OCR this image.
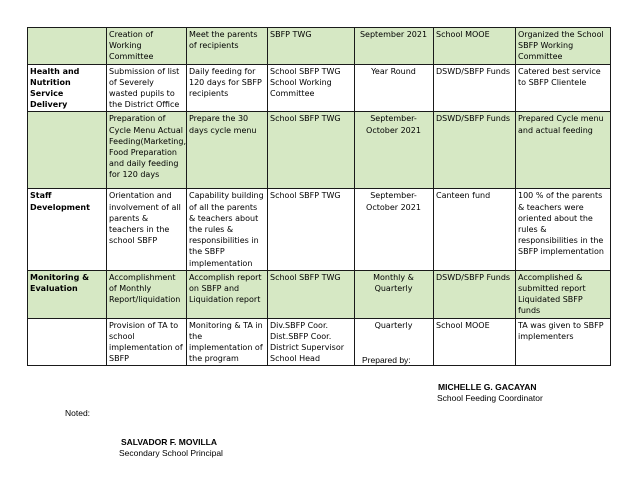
	Creation of Working Committee	Meet the parents of recipients	SBFP TWG	September 2021	School MOOE	Organized the School SBFP Working Committee
Health and Nutrition Service Delivery	Submission of list of Severely wasted pupils to the District Office	Daily feeding for 120 days for SBFP recipients	School SBFP TWG School Working Committee	Year Round	DSWD/SBFP Funds	Catered best service to SBFP Clientele
	Preparation of Cycle Menu Actual Feeding(Marketing, Food Preparation and daily feeding for 120 days	Prepare the 30 days cycle menu	School SBFP TWG	September-October 2021	DSWD/SBFP Funds	Prepared Cycle menu and actual feeding
Staff Development	Orientation and involvement of all parents & teachers in the school SBFP	Capability building of all the parents & teachers about the rules & responsibilities in the SBFP implementation	School SBFP TWG	September-October 2021	Canteen fund	100 % of the parents & teachers were oriented about the rules & responsibilities in the SBFP implementation
Monitoring & Evaluation	Accomplishment of Monthly Report/liquidation	Accomplish report on SBFP and Liquidation report	School SBFP TWG	Monthly & Quarterly	DSWD/SBFP Funds	Accomplished & submitted report Liquidated SBFP funds
	Provision of TA to school implementation of SBFP	Monitoring & TA in the implementation of the program	Div.SBFP Coor. Dist.SBFP Coor. District Supervisor School Head	Quarterly	School MOOE	TA was given to SBFP implementers
Prepared by:
MICHELLE G. GACAYAN
School Feeding Coordinator
Noted:
SALVADOR F. MOVILLA
Secondary School Principal
